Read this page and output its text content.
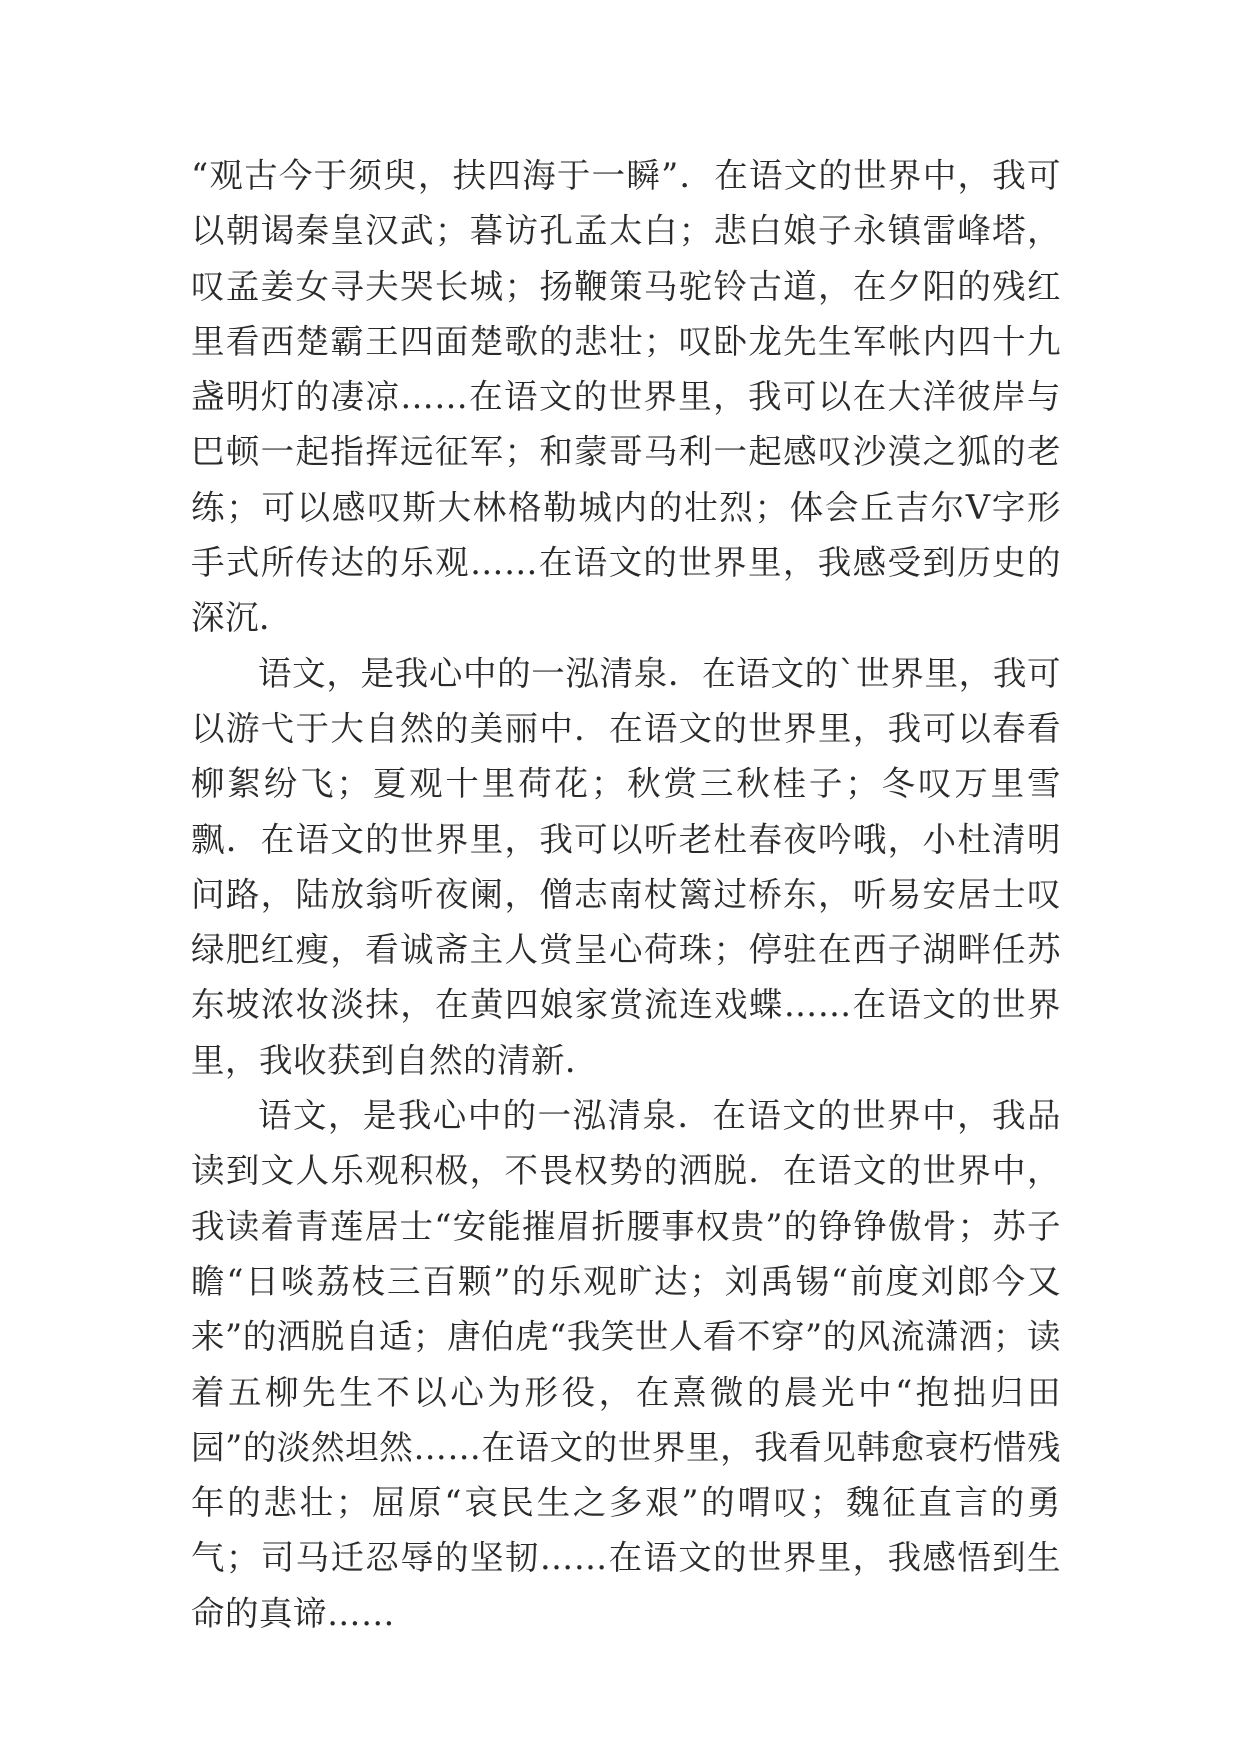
“观古今于须臾，扶四海于一瞬”．在语文的世界中，我可以朝谒秦皇汉武；暮访孔孟太白；悲白娘子永镇雷峰塔，叹孟姜女寻夫哭长城；扬鞭策马驼铃古道，在夕阳的残红里看西楚霸王四面楚歌的悲壮；叹卧龙先生军帐内四十九盏明灯的凄凉……在语文的世界里，我可以在大洋彼岸与巴顿一起指挥远征军；和蒙哥马利一起感叹沙漠之狐的老练；可以感叹斯大林格勒城内的壮烈；体会丘吉尔V字形手式所传达的乐观……在语文的世界里，我感受到历史的深沉．

语文，是我心中的一泓清泉．在语文的`世界里，我可以游弋于大自然的美丽中．在语文的世界里，我可以春看柳絮纷飞；夏观十里荷花；秋赏三秋桂子；冬叹万里雪飘．在语文的世界里，我可以听老杜春夜吟哦，小杜清明问路，陆放翁听夜阑，僧志南杖篱过桥东，听易安居士叹绿肥红瘦，看诚斋主人赏呈心荷珠；停驻在西子湖畔任苏东坡浓妆淡抹，在黄四娘家赏流连戏蝶……在语文的世界里，我收获到自然的清新．

语文，是我心中的一泓清泉．在语文的世界中，我品读到文人乐观积极，不畏权势的洒脱．在语文的世界中，我读着青莲居士“安能摧眉折腰事权贵”的铮铮傲骨；苏子瞻“日啖荔枝三百颗”的乐观旷达；刘禹锡“前度刘郎今又来”的洒脱自适；唐伯虎“我笑世人看不穿”的风流潇洒；读着五柳先生不以心为形役，在熹微的晨光中“抱拙归田园”的淡然坦然……在语文的世界里，我看见韩愈衰朽惜残年的悲壮；屈原“哀民生之多艰”的喟叹；魏征直言的勇气；司马迁忍辱的坚韧……在语文的世界里，我感悟到生命的真谛……
